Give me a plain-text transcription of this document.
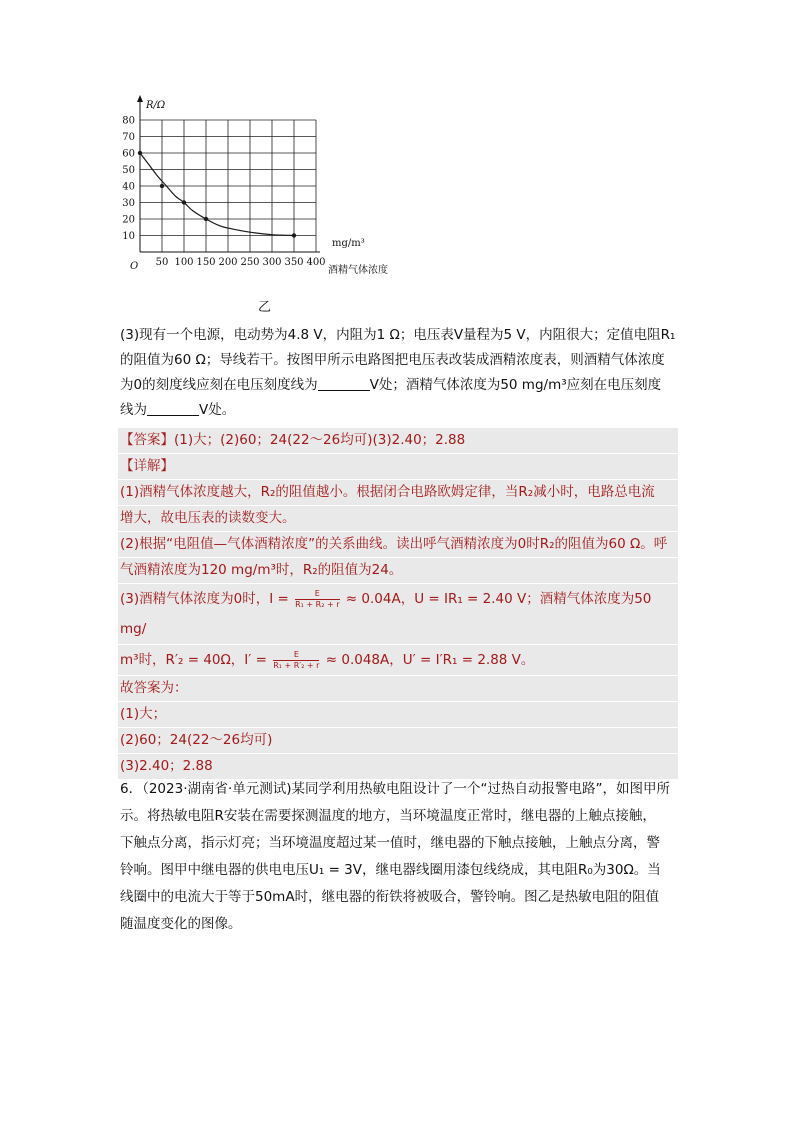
10
20
30
40
50
60
70
80
50 100 150 200 250 300 350 400
R/Ω
O
mg/m³
酒精气体浓度
乙
(3)现有一个电源，电动势为4.8 V，内阻为1 Ω；电压表V量程为5 V，内阻很大；定值电阻R₁
的阻值为60 Ω；导线若干。按图甲所示电路图把电压表改装成酒精浓度表，则酒精气体浓度
为0的刻度线应刻在电压刻度线为	V处；酒精气体浓度为50 mg/m³应刻在电压刻度
线为	V处。
【答案】(1)大；(2)60；24(22～26均可)(3)2.40；2.88
【详解】
(1)酒精气体浓度越大，R₂的阻值越小。根据闭合电路欧姆定律，当R₂减小时，电路总电流
增大，故电压表的读数变大。
(2)根据“电阻值—气体酒精浓度”的关系曲线。读出呼气酒精浓度为0时R₂的阻值为60 Ω。呼
气酒精浓度为120 mg/m³时，R₂的阻值为24。
(3)酒精气体浓度为0时，$I = \frac{E}{\text{R₁ + R₂ + r}} \approx 0.04A$，U = IR₁ = 2.40 V；酒精气体浓度为50 mg/
m³时，R′₂ = 40Ω，$I' = \frac{E}{\text{R₁ + R′₂ + r}} \approx 0.048A$，U′ = I′R₁ = 2.88 V。
故答案为：
(1)大；
(2)60；24(22～26均可)
(3)2.40；2.88
6．（2023·湖南省·单元测试)某同学利用热敏电阻设计了一个“过热自动报警电路”，如图甲所
示。将热敏电阻R安装在需要探测温度的地方，当环境温度正常时，继电器的上触点接触，
下触点分离，指示灯亮；当环境温度超过某一值时，继电器的下触点接触，上触点分离，警
铃响。图甲中继电器的供电电压U₁ = 3V，继电器线圈用漆包线绕成，其电阻R₀为30Ω。当
线圈中的电流大于等于50mA时，继电器的衔铁将被吸合，警铃响。图乙是热敏电阻的阻值
随温度变化的图像。
